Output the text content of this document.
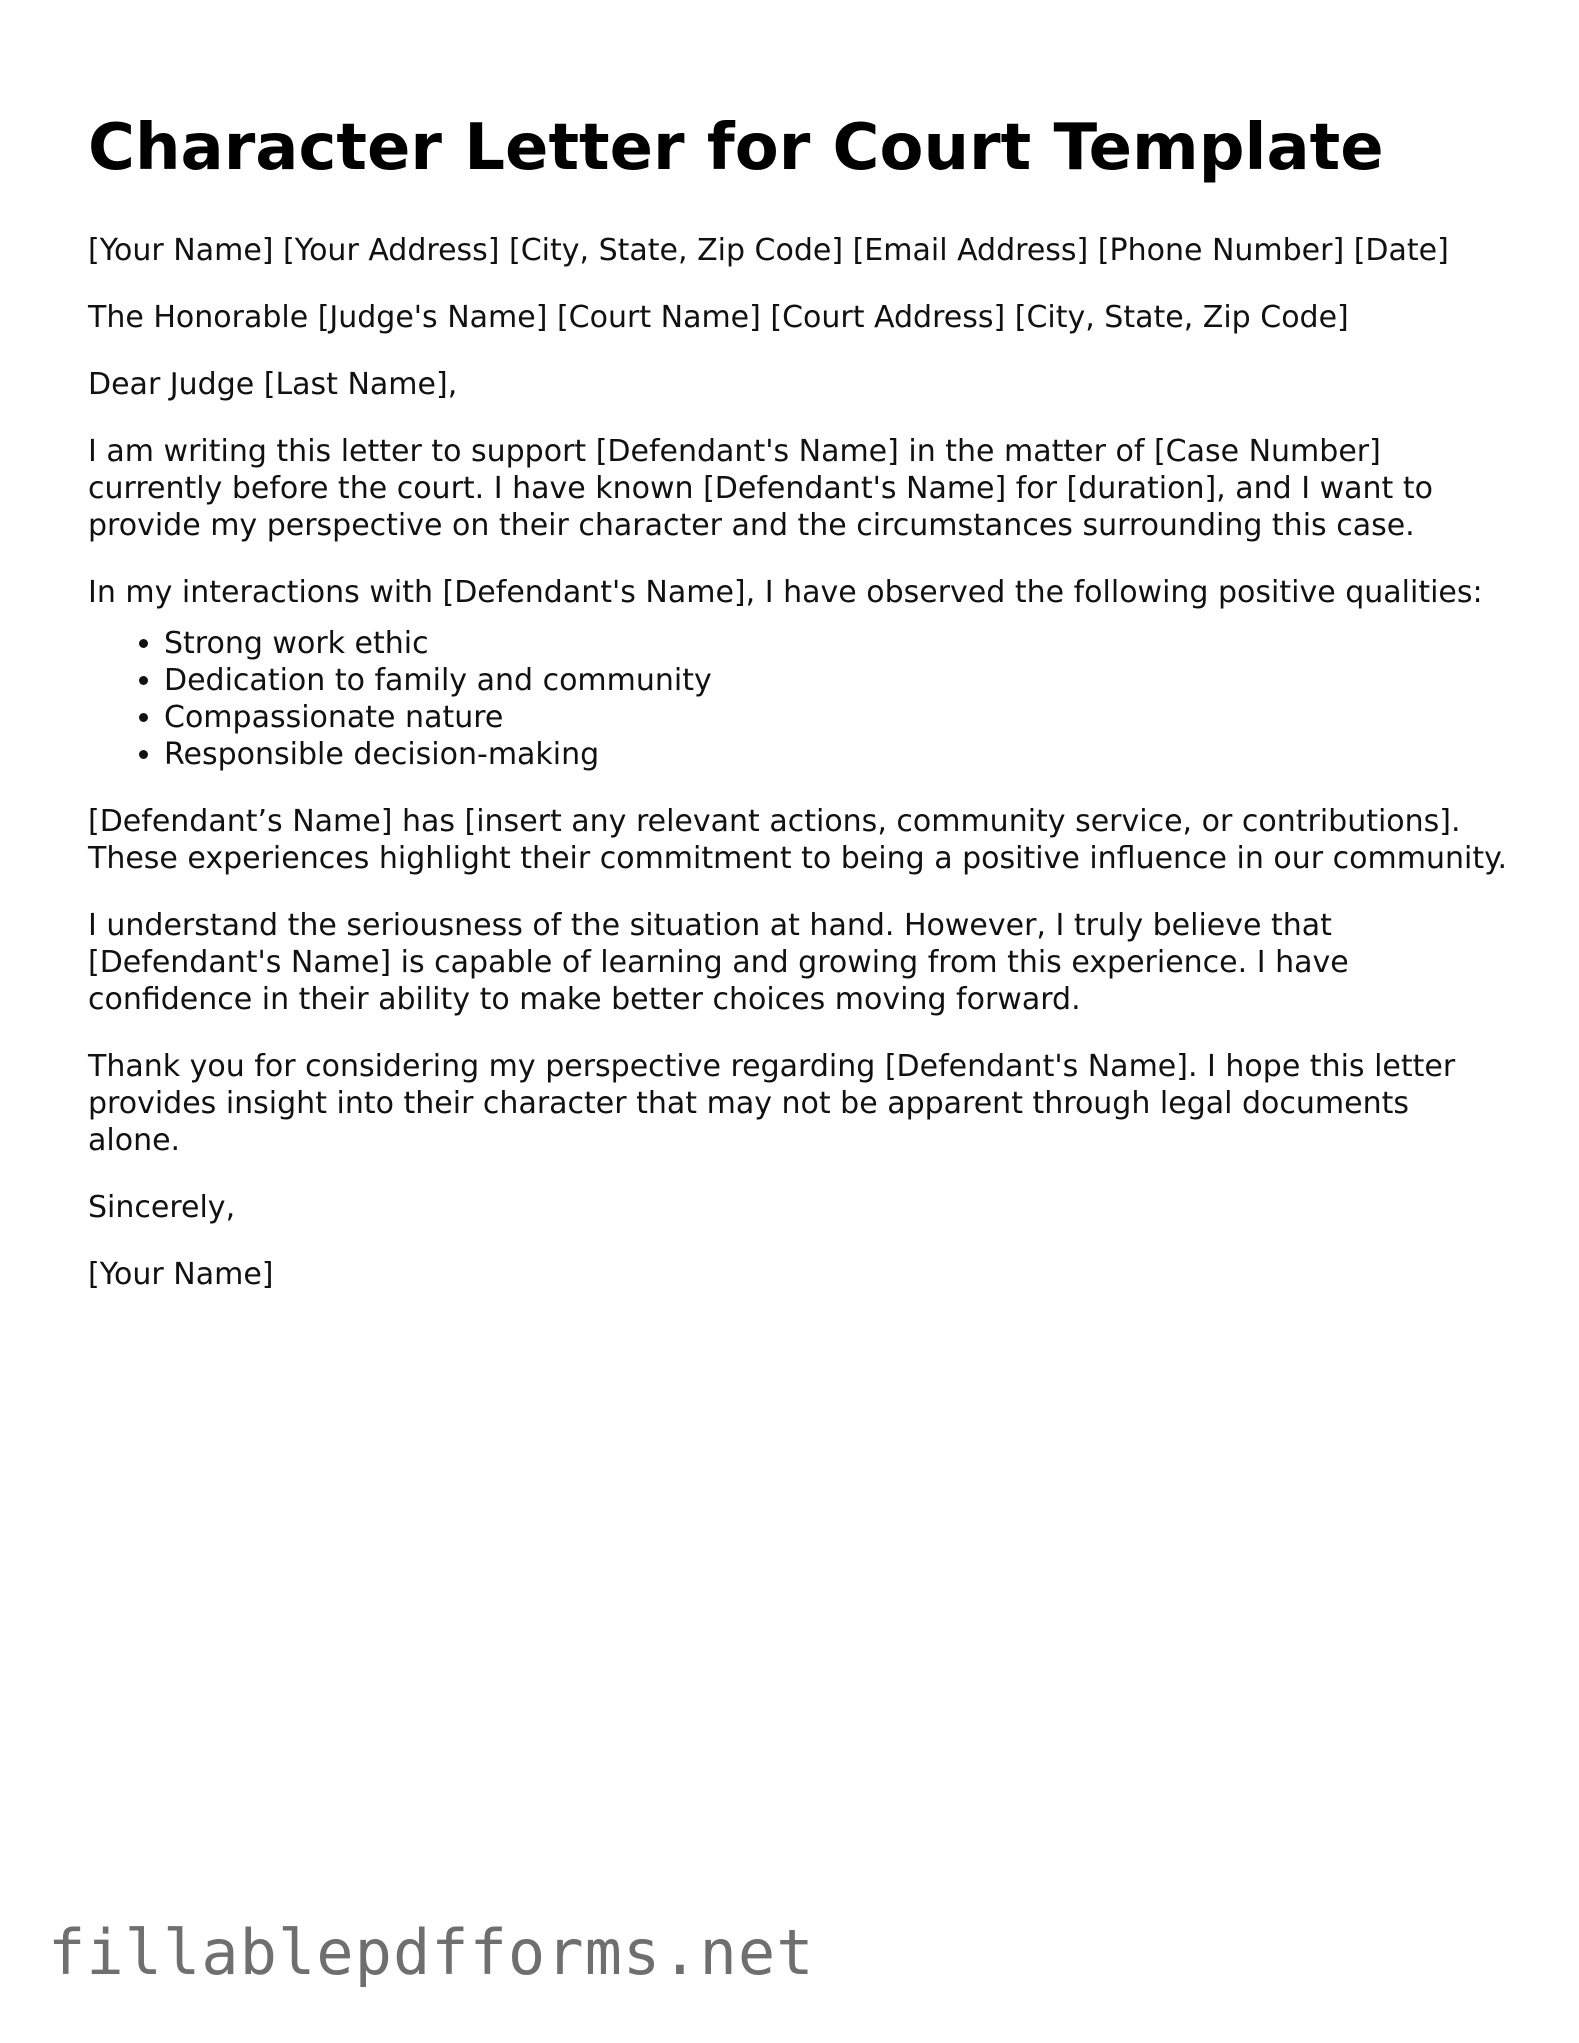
Character Letter for Court Template

[Your Name] [Your Address] [City, State, Zip Code] [Email Address] [Phone Number] [Date]

The Honorable [Judge's Name] [Court Name] [Court Address] [City, State, Zip Code]

Dear Judge [Last Name],

I am writing this letter to support [Defendant's Name] in the matter of [Case Number] currently before the court. I have known [Defendant's Name] for [duration], and I want to provide my perspective on their character and the circumstances surrounding this case.

In my interactions with [Defendant's Name], I have observed the following positive qualities:

• Strong work ethic
• Dedication to family and community
• Compassionate nature
• Responsible decision-making

[Defendant’s Name] has [insert any relevant actions, community service, or contributions]. These experiences highlight their commitment to being a positive influence in our community.

I understand the seriousness of the situation at hand. However, I truly believe that [Defendant's Name] is capable of learning and growing from this experience. I have confidence in their ability to make better choices moving forward.

Thank you for considering my perspective regarding [Defendant's Name]. I hope this letter provides insight into their character that may not be apparent through legal documents alone.

Sincerely,

[Your Name]

fillablepdfforms.net
